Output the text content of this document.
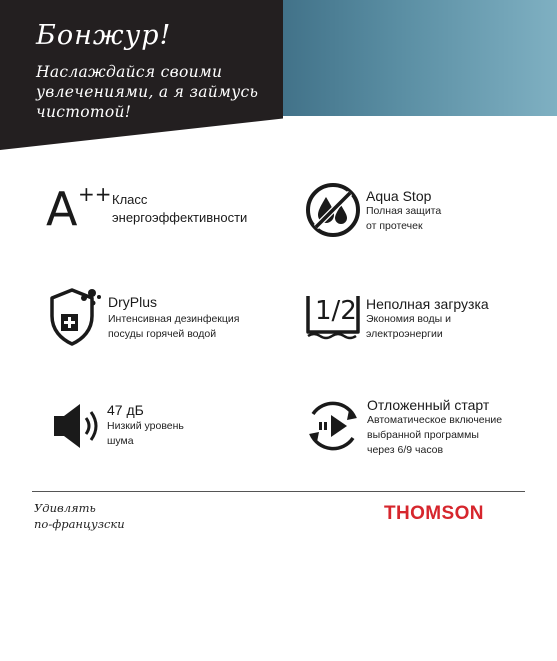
Бонжур!
Наслаждайся своими
увлечениями, а я займусь
чистотой!
A ++ Класс
энергоэффективности
Aqua Stop
Полная защита
от протечек
DryPlus
Интенсивная дезинфекция
посуды горячей водой
1/2 Неполная загрузка
Экономия воды и
электроэнергии
47 дБ
Низкий уровень
шума
Отложенный старт
Автоматическое включение
выбранной программы
через 6/9 часов
Удивлять
по-французски	THOMSON
